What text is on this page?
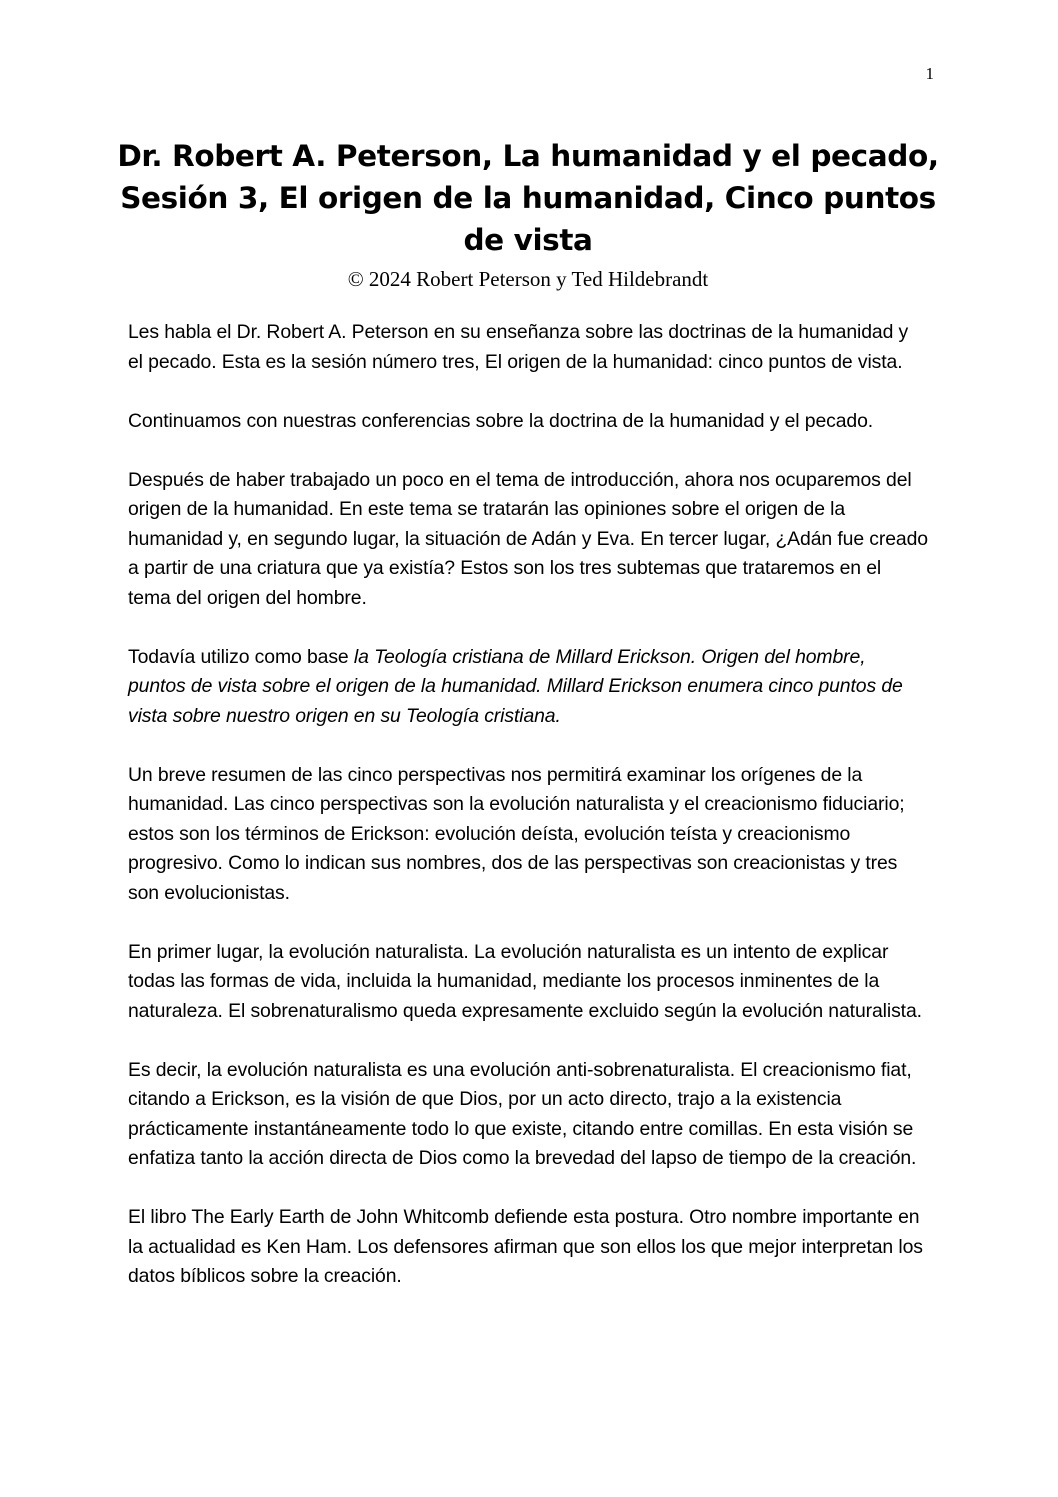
1
Dr. Robert A. Peterson, La humanidad y el pecado, Sesión 3, El origen de la humanidad, Cinco puntos de vista
© 2024 Robert Peterson y Ted Hildebrandt

Les habla el Dr. Robert A. Peterson en su enseñanza sobre las doctrinas de la humanidad y el pecado. Esta es la sesión número tres, El origen de la humanidad: cinco puntos de vista.

Continuamos con nuestras conferencias sobre la doctrina de la humanidad y el pecado.

Después de haber trabajado un poco en el tema de introducción, ahora nos ocuparemos del origen de la humanidad. En este tema se tratarán las opiniones sobre el origen de la humanidad y, en segundo lugar, la situación de Adán y Eva. En tercer lugar, ¿Adán fue creado a partir de una criatura que ya existía? Estos son los tres subtemas que trataremos en el tema del origen del hombre.

Todavía utilizo como base la Teología cristiana de Millard Erickson. Origen del hombre, puntos de vista sobre el origen de la humanidad. Millard Erickson enumera cinco puntos de vista sobre nuestro origen en su Teología cristiana.

Un breve resumen de las cinco perspectivas nos permitirá examinar los orígenes de la humanidad. Las cinco perspectivas son la evolución naturalista y el creacionismo fiduciario; estos son los términos de Erickson: evolución deísta, evolución teísta y creacionismo progresivo. Como lo indican sus nombres, dos de las perspectivas son creacionistas y tres son evolucionistas.

En primer lugar, la evolución naturalista. La evolución naturalista es un intento de explicar todas las formas de vida, incluida la humanidad, mediante los procesos inminentes de la naturaleza. El sobrenaturalismo queda expresamente excluido según la evolución naturalista.

Es decir, la evolución naturalista es una evolución anti-sobrenaturalista. El creacionismo fiat, citando a Erickson, es la visión de que Dios, por un acto directo, trajo a la existencia prácticamente instantáneamente todo lo que existe, citando entre comillas. En esta visión se enfatiza tanto la acción directa de Dios como la brevedad del lapso de tiempo de la creación.

El libro The Early Earth de John Whitcomb defiende esta postura. Otro nombre importante en la actualidad es Ken Ham. Los defensores afirman que son ellos los que mejor interpretan los datos bíblicos sobre la creación.
